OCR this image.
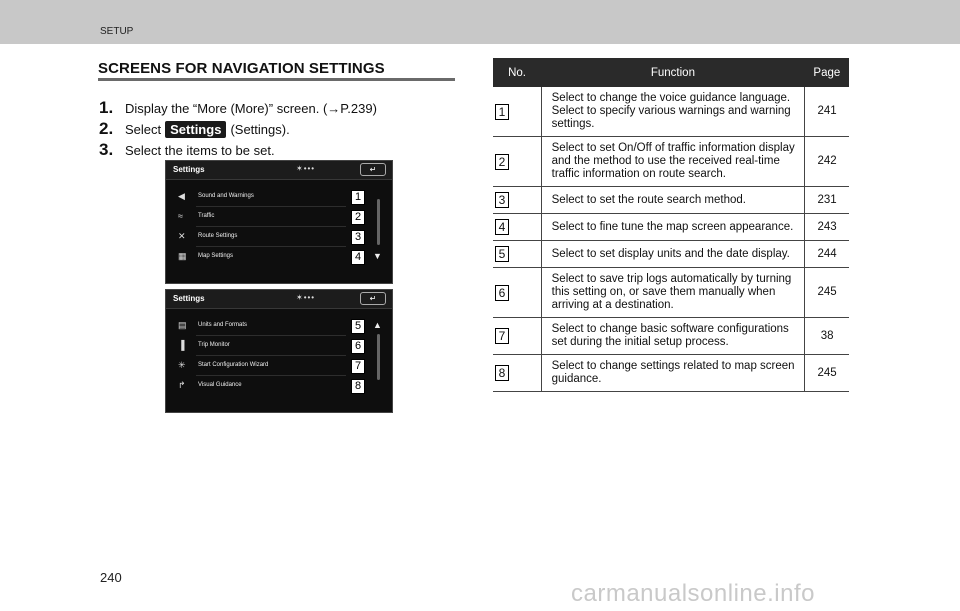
SETUP
SCREENS FOR NAVIGATION SETTINGS
1. Display the “More (More)” screen. (→P.239)
2. Select Settings (Settings).
3. Select the items to be set.
Settings	✶•••	↵
◀ Sound and Warnings	1
≈	Traffic	2
✕ Route Settings	3
▦ Map Settings	4	▼
Settings	✶•••	↵
▤ Units and Formats	5
▐ Trip Monitor	6
✳ Start Configuration Wizard	7
↱ Visual Guidance	8
▲
No.	Function	Page
1	Select to change the voice guidance language. Select to specify various warnings and warning settings.	241
2	Select to set On/Off of traffic information display and the method to use the received real-time traffic information on route search.	242
3	Select to set the route search method.	231
4	Select to fine tune the map screen appearance.	243
5	Select to set display units and the date display.	244
6	Select to save trip logs automatically by turning this setting on, or save them manually when arriving at a destination.	245
7	Select to change basic software configurations set during the initial setup process.	38
8	Select to change settings related to map screen guidance.	245
240
carmanualsonline.info
